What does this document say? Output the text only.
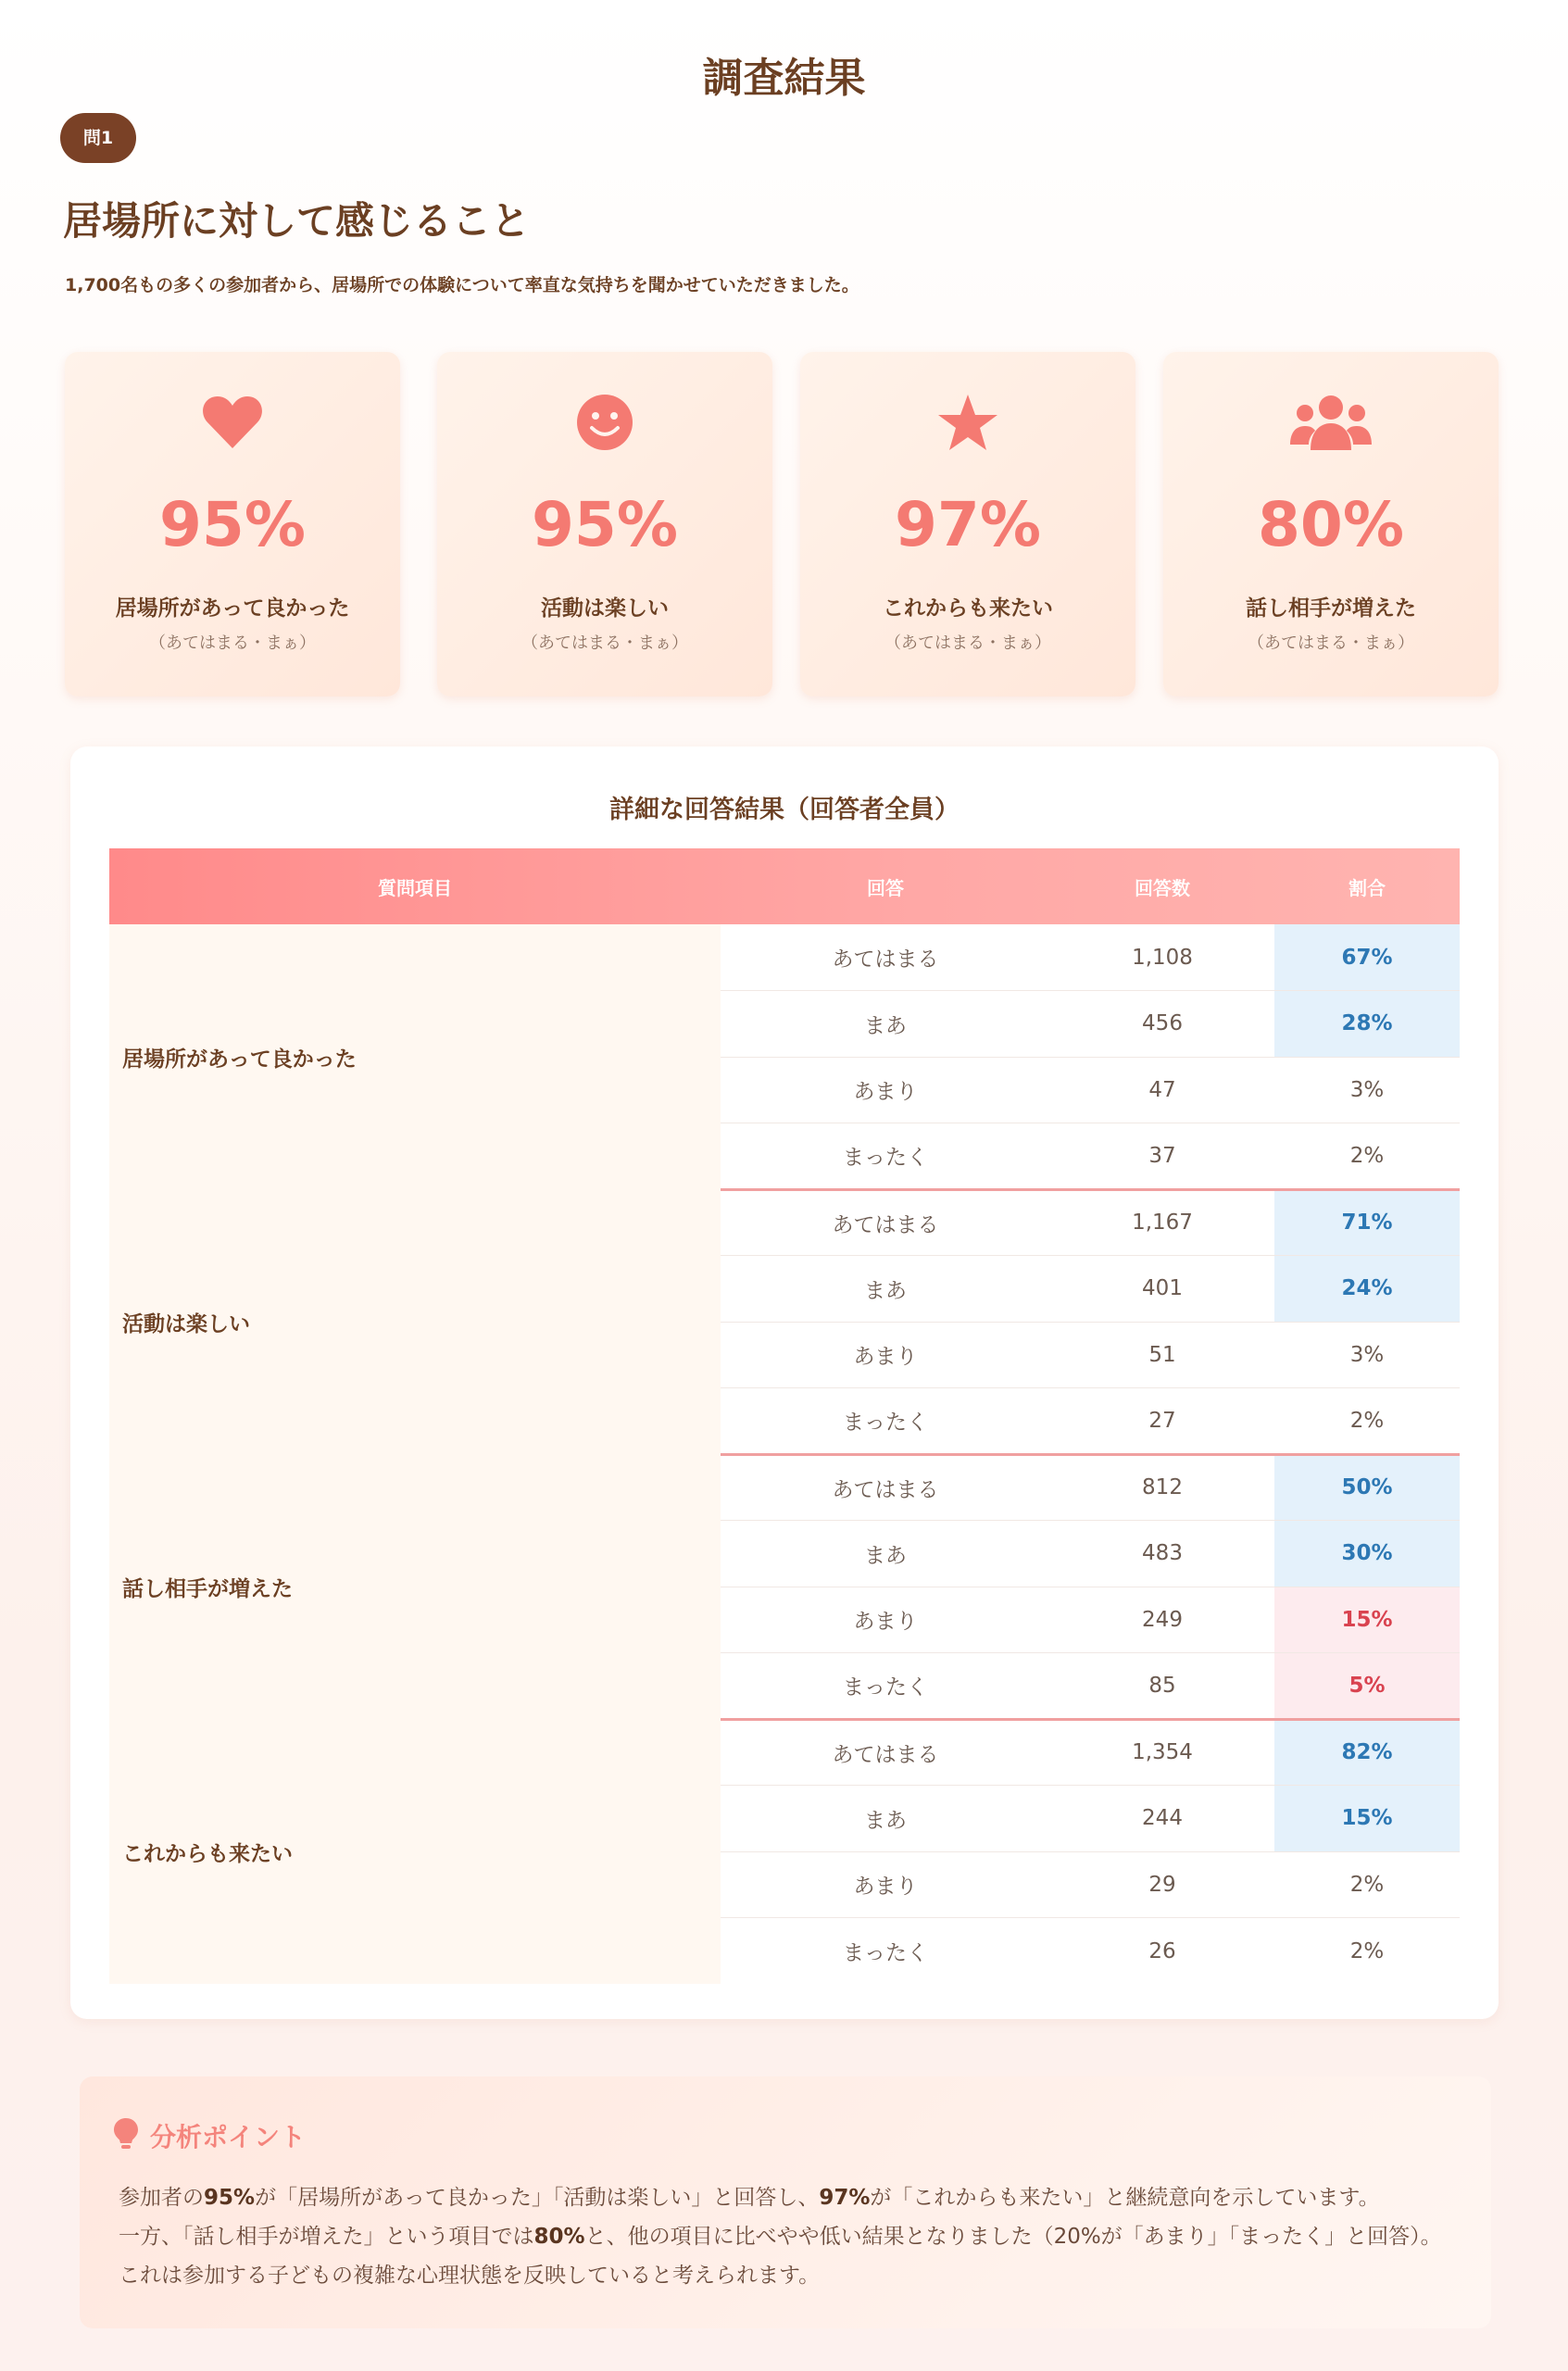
調査結果
問1
居場所に対して感じること
1,700名もの多くの参加者から、居場所での体験について率直な気持ちを聞かせていただきました。
95%
居場所があって良かった
（あてはまる・まぁ）
95%
活動は楽しい
（あてはまる・まぁ）
97%
これからも来たい
（あてはまる・まぁ）
80%
話し相手が増えた
（あてはまる・まぁ）
詳細な回答結果（回答者全員）
質問項目	回答	回答数	割合
居場所があって良かった	あてはまる	1,108	67%
	まあ	456	28%
	あまり	47	3%
	まったく	37	2%
活動は楽しい	あてはまる	1,167	71%
	まあ	401	24%
	あまり	51	3%
	まったく	27	2%
話し相手が増えた	あてはまる	812	50%
	まあ	483	30%
	あまり	249	15%
	まったく	85	5%
これからも来たい	あてはまる	1,354	82%
	まあ	244	15%
	あまり	29	2%
	まったく	26	2%
分析ポイント

参加者の95%が「居場所があって良かった」「活動は楽しい」と回答し、97%が「これからも来たい」と継続意向を示しています。

一方、「話し相手が増えた」という項目では80%と、他の項目に比べやや低い結果となりました（20%が「あまり」「まったく」と回答）。

これは参加する子どもの複雑な心理状態を反映していると考えられます。
